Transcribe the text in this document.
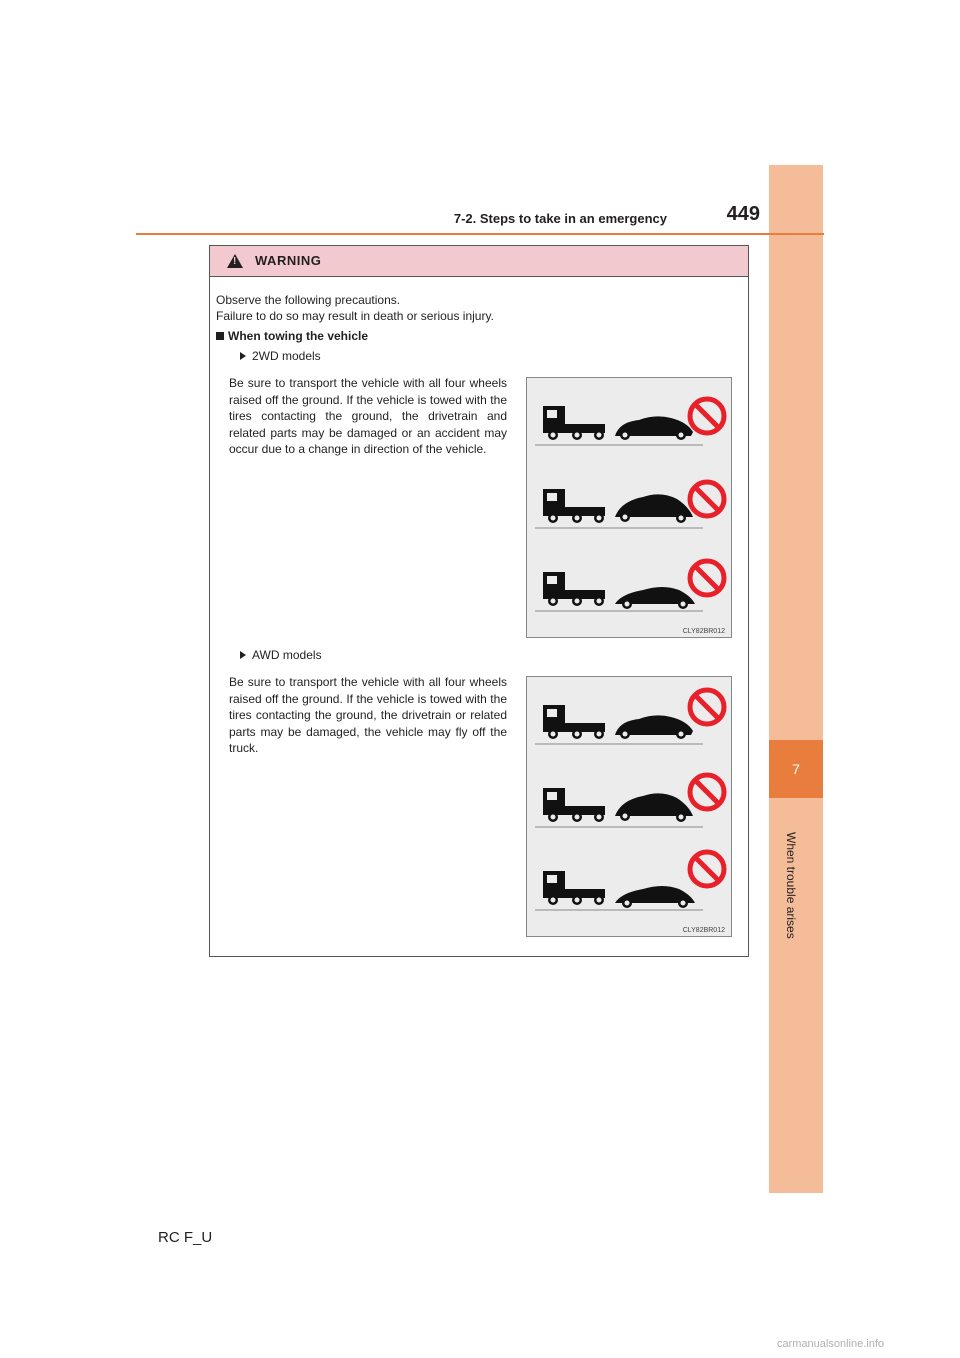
7
When trouble arises
7-2. Steps to take in an emergency	449
!
WARNING
Observe the following precautions.
Failure to do so may result in death or serious injury.
When towing the vehicle
2WD models
Be sure to transport the vehicle with all four wheels raised off the ground. If the vehicle is towed with the tires contacting the ground, the drivetrain and related parts may be damaged or an accident may occur due to a change in direction of the vehicle.
CLY82BR012
AWD models
Be sure to transport the vehicle with all four wheels raised off the ground. If the vehicle is towed with the tires contacting the ground, the drivetrain or related parts may be damaged, the vehicle may fly off the truck.
CLY82BR012
RC F_U
carmanualsonline.info
